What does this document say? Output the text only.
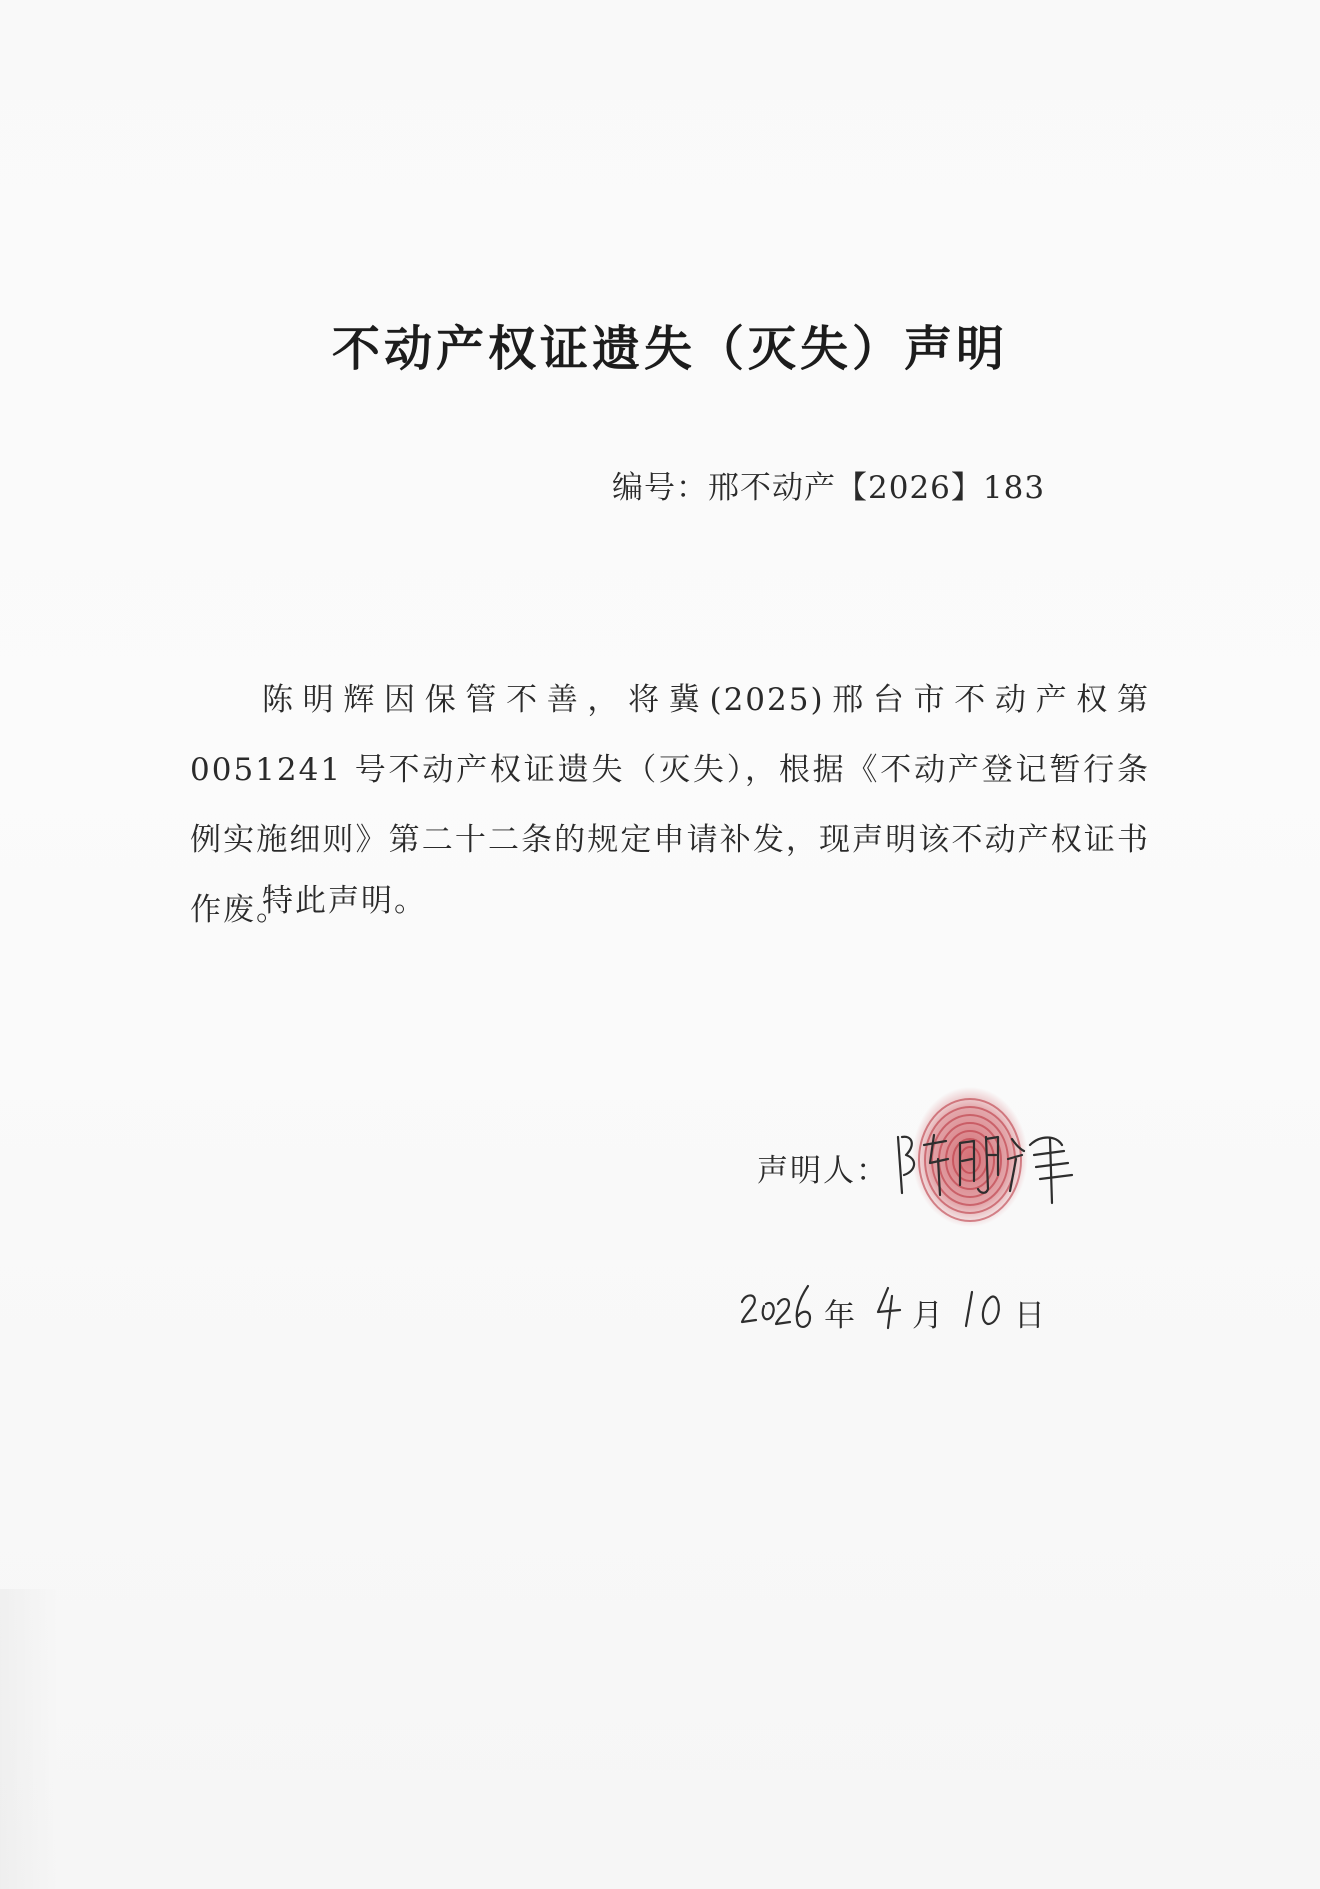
不动产权证遗失（灭失）声明
编号：邢不动产【2026】183

陈明辉因保管不善，将冀(2025)邢台市不动产权第 0051241 号不动产权证遗失（灭失），根据《不动产登记暂行条例实施细则》第二十二条的规定申请补发，现声明该不动产权证书作废。

特此声明。
声明人：
年 月 日
